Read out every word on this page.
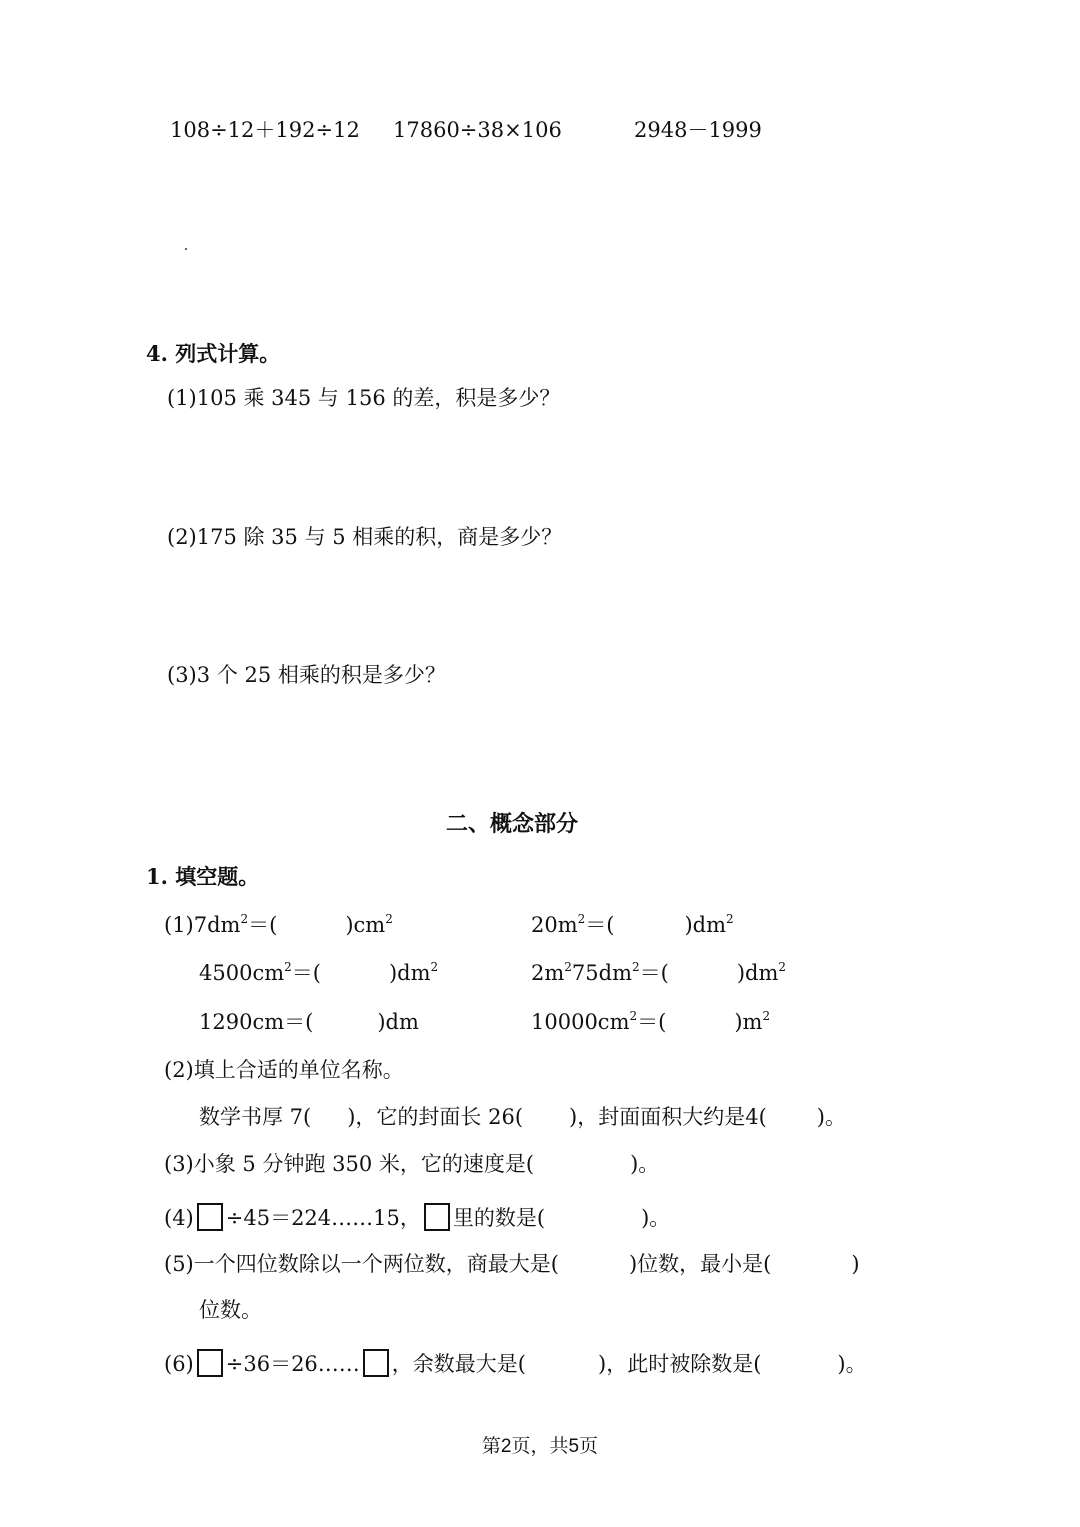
108÷12＋192÷12 17860÷38×106	2948－1999
4. 列式计算。
(1)105 乘 345 与 156 的差，积是多少？
(2)175 除 35 与 5 相乘的积，商是多少？
(3)3 个 25 相乘的积是多少？
二、概念部分
1. 填空题。
$(1)7dm^2=$(	)$cm^2$	$20m^2=$(	)$dm^2$
$4500cm^2=$(	)$dm^2$	$2m^275dm^2=$(	)$dm^2$
1290cm＝(	)dm	$10000cm^2=$(	)$m^2$
(2)填上合适的单位名称。
数学书厚 7( )，它的封面长 26( )，封面面积大约是4( )。
(3)小象 5 分钟跑 350 米，它的速度是(	)。
(4) ÷45＝224……15， 里的数是(	)。
(5)一个四位数除以一个两位数，商最大是(	)位数，最小是(	)
位数。
(6) ÷36＝26…… ，余数最大是(	)，此时被除数是(	)。
第2页，共5页
